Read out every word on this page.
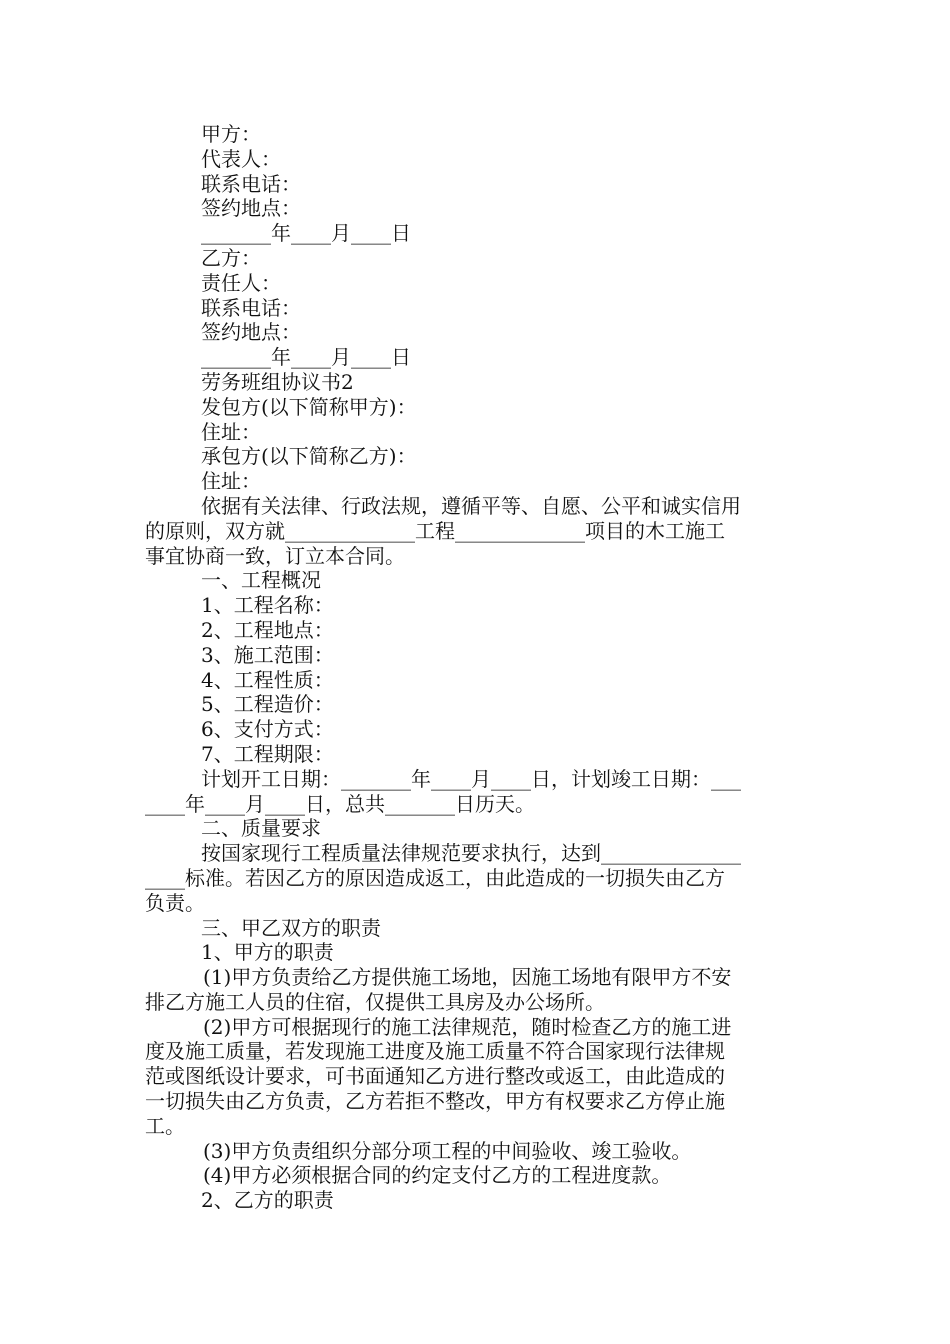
甲方：
代表人：
联系电话：
签约地点：
_______年____月____日
乙方：
责任人：
联系电话：
签约地点：
_______年____月____日
劳务班组协议书2
发包方(以下简称甲方)：
住址：
承包方(以下简称乙方)：
住址：
依据有关法律、行政法规，遵循平等、自愿、公平和诚实信用
的原则，双方就_____________工程_____________项目的木工施工
事宜协商一致，订立本合同。
一、工程概况
1、工程名称：
2、工程地点：
3、施工范围：
4、工程性质：
5、工程造价：
6、支付方式：
7、工程期限：
计划开工日期：_______年____月____日，计划竣工日期：___
____年____月____日，总共_______日历天。
二、质量要求
按国家现行工程质量法律规范要求执行，达到______________
____标准。若因乙方的原因造成返工，由此造成的一切损失由乙方
负责。
三、甲乙双方的职责
1、甲方的职责
(1)甲方负责给乙方提供施工场地，因施工场地有限甲方不安
排乙方施工人员的住宿，仅提供工具房及办公场所。
(2)甲方可根据现行的施工法律规范，随时检查乙方的施工进
度及施工质量，若发现施工进度及施工质量不符合国家现行法律规
范或图纸设计要求，可书面通知乙方进行整改或返工，由此造成的
一切损失由乙方负责，乙方若拒不整改，甲方有权要求乙方停止施
工。
(3)甲方负责组织分部分项工程的中间验收、竣工验收。
(4)甲方必须根据合同的约定支付乙方的工程进度款。
2、乙方的职责
